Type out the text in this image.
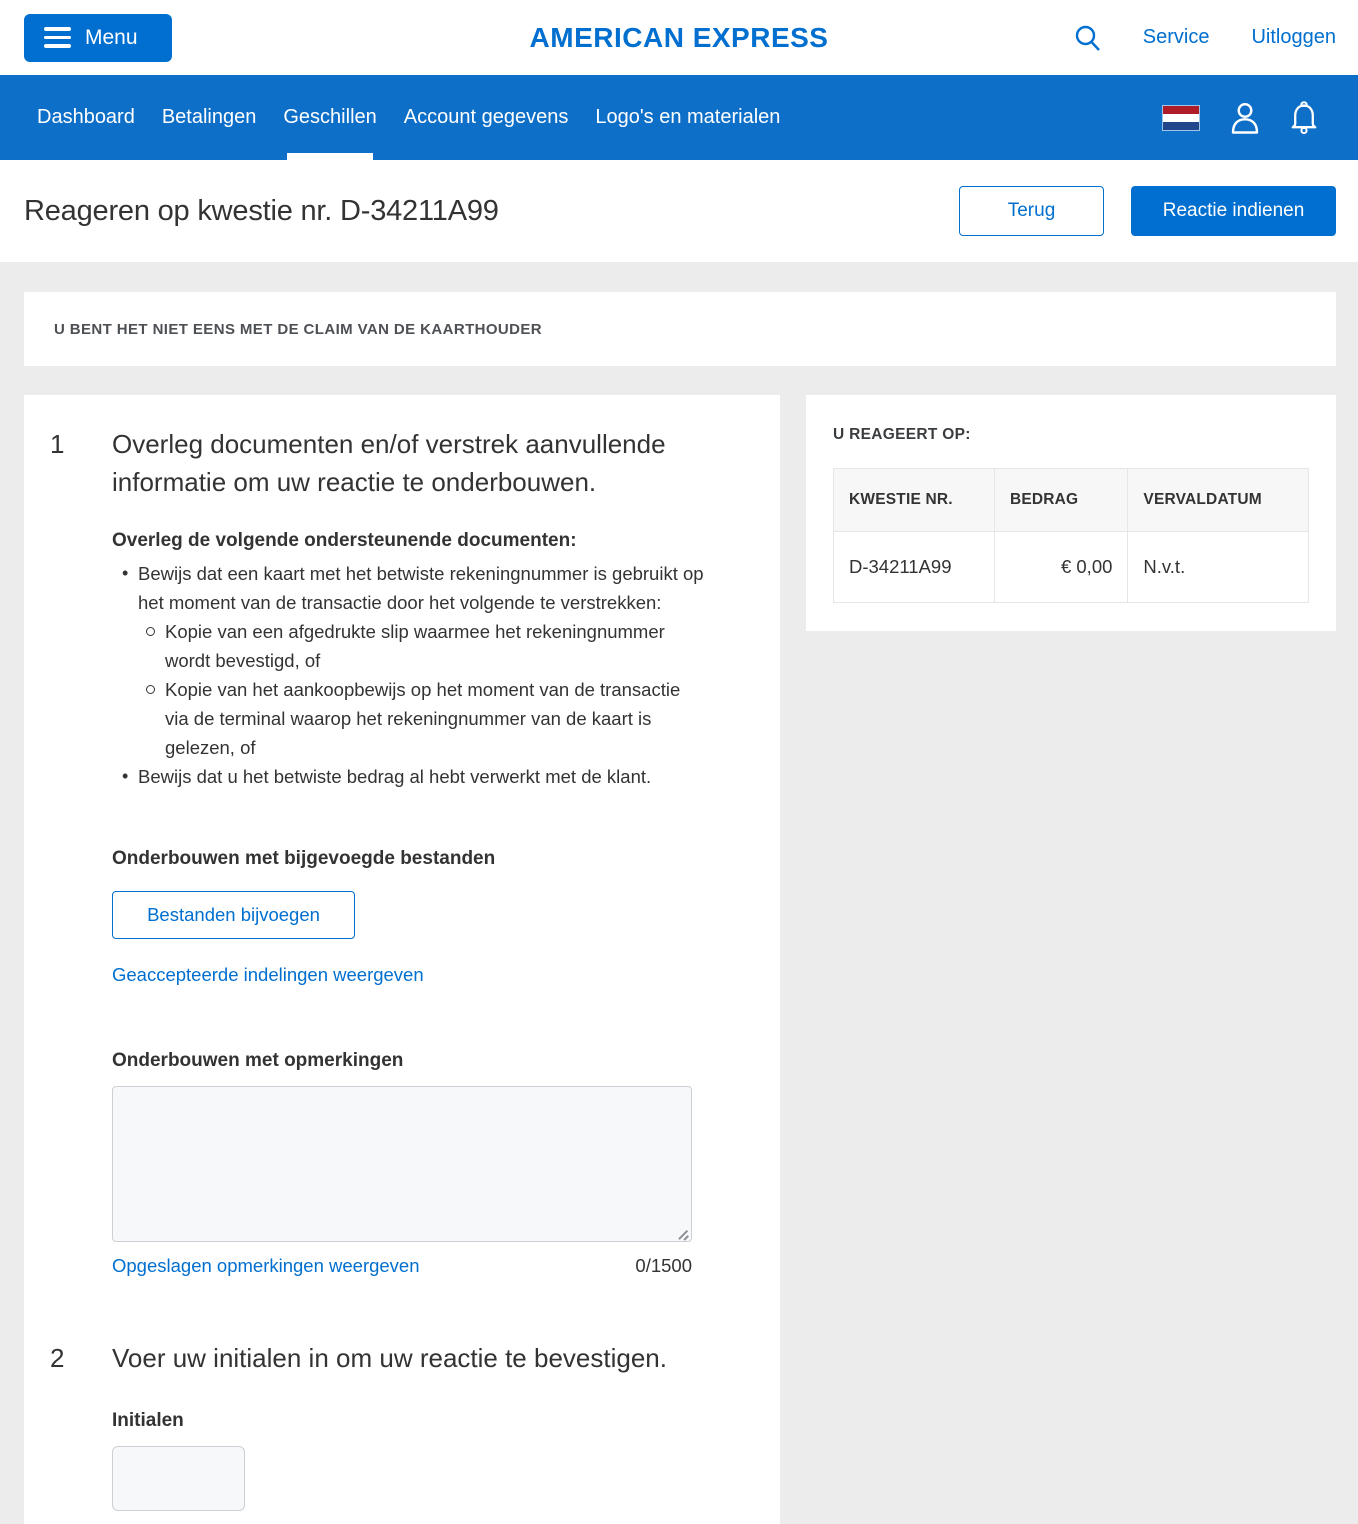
Menu	AMERICAN EXPRESS	Service Uitloggen
Dashboard Betalingen Geschillen Account gegevens Logo's en materialen
Reageren op kwestie nr. D-34211A99	Terug	Reactie indienen
U BENT HET NIET EENS MET DE CLAIM VAN DE KAARTHOUDER
1	Overleg documenten en/of verstrek aanvullende informatie om uw reactie te onderbouwen.
Overleg de volgende ondersteunende documenten:
• Bewijs dat een kaart met het betwiste rekeningnummer is gebruikt op het moment van de transactie door het volgende te verstrekken:
Kopie van een afgedrukte slip waarmee het rekeningnummer wordt bevestigd, of
Kopie van het aankoopbewijs op het moment van de transactie via de terminal waarop het rekeningnummer van de kaart is gelezen, of
• Bewijs dat u het betwiste bedrag al hebt verwerkt met de klant.
Onderbouwen met bijgevoegde bestanden
Bestanden bijvoegen
Geaccepteerde indelingen weergeven
Onderbouwen met opmerkingen
Opgeslagen opmerkingen weergeven	0/1500
2	Voer uw initialen in om uw reactie te bevestigen.
Initialen
U REAGEERT OP:
KWESTIE NR.	BEDRAG	VERVALDATUM
D-34211A99	€ 0,00	N.v.t.
